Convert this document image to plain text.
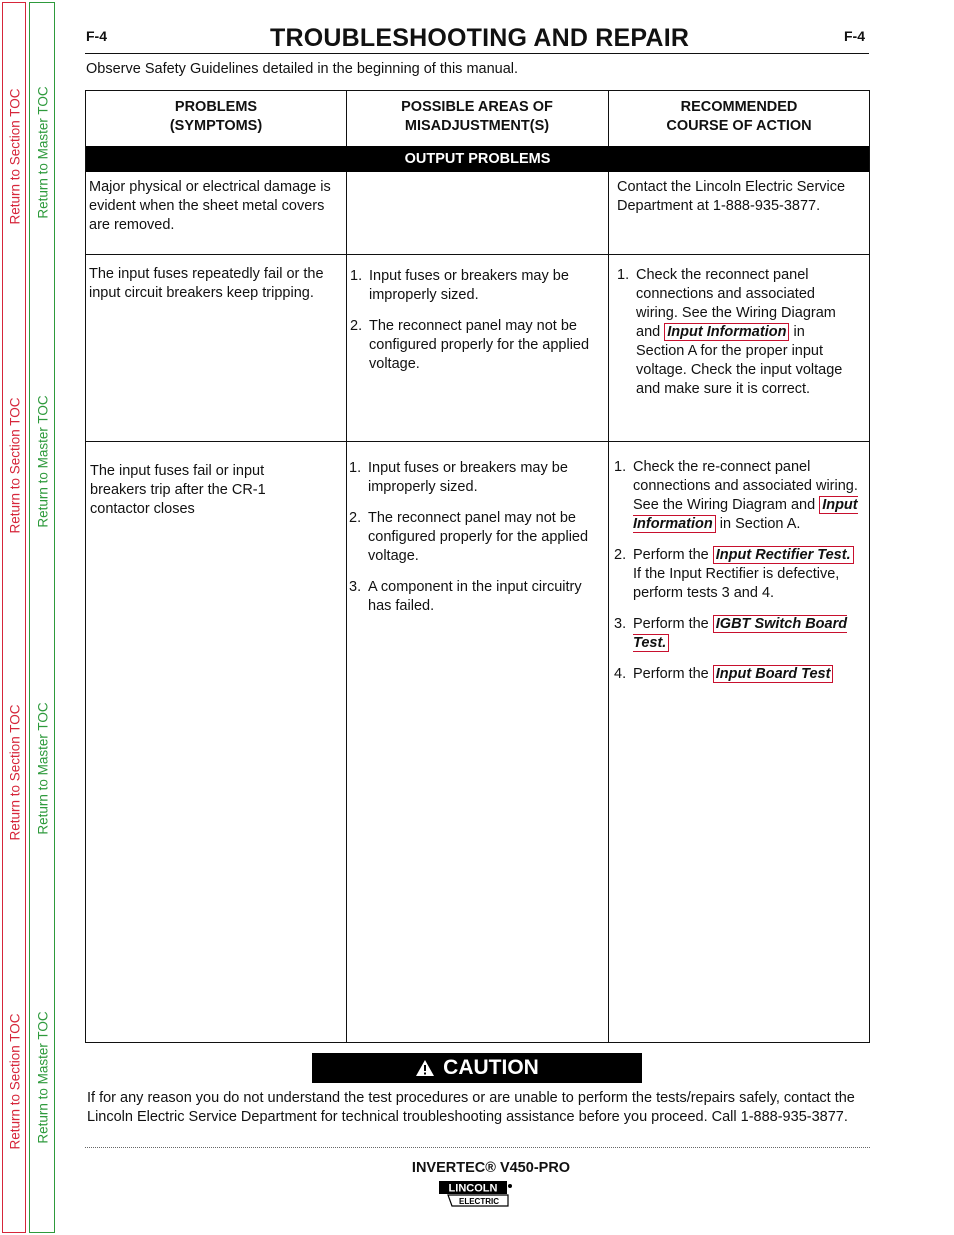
Return to Section TOC
Return to Section TOC
Return to Section TOC
Return to Section TOC
Return to Master TOC
Return to Master TOC
Return to Master TOC
Return to Master TOC
F-4	TROUBLESHOOTING AND REPAIR	F-4
Observe Safety Guidelines detailed in the beginning of this manual.
PROBLEMS
(SYMPTOMS)
POSSIBLE AREAS OF
MISADJUSTMENT(S)
RECOMMENDED
COURSE OF ACTION
OUTPUT PROBLEMS
Major physical or electrical damage is evident when the sheet metal covers are removed.
Contact the Lincoln Electric Service Department at 1-888-935-3877.
The input fuses repeatedly fail or the input circuit breakers keep tripping.
1. Input fuses or breakers may be improperly sized.
2. The reconnect panel may not be configured properly for the applied voltage.
1. Check the reconnect panel connections and associated wiring. See the Wiring Diagram and Input Information in Section A for the proper input voltage. Check the input voltage and make sure it is correct.
The input fuses fail or input breakers trip after the CR-1 contactor closes
1. Input fuses or breakers may be improperly sized.
2. The reconnect panel may not be configured properly for the applied voltage.
3. A component in the input circuitry has failed.
1. Check the re-connect panel connections and associated wiring. See the Wiring Diagram and Input Information in Section A.
2. Perform the Input Rectifier Test. If the Input Rectifier is defective, perform tests 3 and 4.
3. Perform the IGBT Switch Board Test.
4. Perform the Input Board Test
CAUTION
If for any reason you do not understand the test procedures or are unable to perform the tests/repairs safely, contact the Lincoln Electric Service Department for technical troubleshooting assistance before you proceed. Call 1-888-935-3877.
INVERTEC® V450-PRO
LINCOLN
ELECTRIC
